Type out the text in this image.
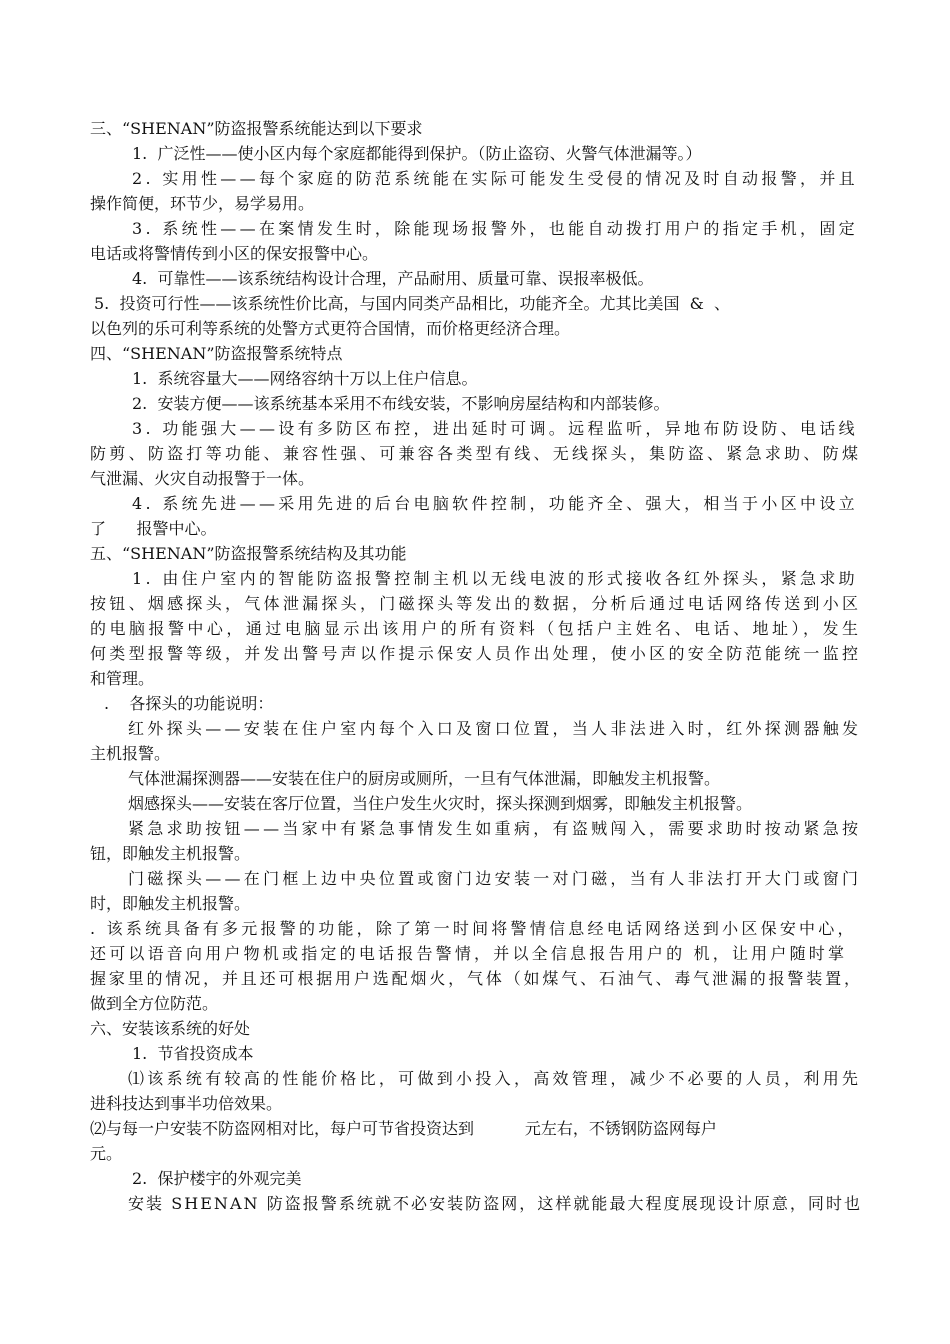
三、“SHENAN”防盗报警系统能达到以下要求
1.  广泛性——使小区内每个家庭都能得到保护。（防止盗窃、火警气体泄漏等。）
2. 实用性——每个家庭的防范系统能在实际可能发生受侵的情况及时自动报警，并且
操作简便，环节少，易学易用。
3. 系统性——在案情发生时，除能现场报警外，也能自动拨打用户的指定手机，固定
电话或将警情传到小区的保安报警中心。
4.  可靠性——该系统结构设计合理，产品耐用、质量可靠、误报率极低。
5.  投资可行性——该系统性价比高，与国内同类产品相比，功能齐全。尤其比美国  &  、
以色列的乐可利等系统的处警方式更符合国情，而价格更经济合理。
四、“SHENAN”防盗报警系统特点
1.  系统容量大——网络容纳十万以上住户信息。
2.  安装方便——该系统基本采用不布线安装，不影响房屋结构和内部装修。
3. 功能强大——设有多防区布控，进出延时可调。远程监听，异地布防设防、电话线
防剪、防盗打等功能、兼容性强、可兼容各类型有线、无线探头，集防盗、紧急求助、防煤
气泄漏、火灾自动报警于一体。
4. 系统先进——采用先进的后台电脑软件控制，功能齐全、强大，相当于小区中设立
了      报警中心。
五、“SHENAN”防盗报警系统结构及其功能
1. 由住户室内的智能防盗报警控制主机以无线电波的形式接收各红外探头，紧急求助
按钮、烟感探头，气体泄漏探头，门磁探头等发出的数据，分析后通过电话网络传送到小区
的电脑报警中心，通过电脑显示出该用户的所有资料（包括户主姓名、电话、地址），发生
何类型报警等级，并发出警号声以作提示保安人员作出处理，使小区的安全防范能统一监控
和管理。
.    各探头的功能说明：
红外探头——安装在住户室内每个入口及窗口位置，当人非法进入时，红外探测器触发
主机报警。
气体泄漏探测器——安装在住户的厨房或厕所，一旦有气体泄漏，即触发主机报警。
烟感探头——安装在客厅位置，当住户发生火灾时，探头探测到烟雾，即触发主机报警。
紧急求助按钮——当家中有紧急事情发生如重病，有盗贼闯入，需要求助时按动紧急按
钮，即触发主机报警。
门磁探头——在门框上边中央位置或窗门边安装一对门磁，当有人非法打开大门或窗门
时，即触发主机报警。
. 该系统具备有多元报警的功能，除了第一时间将警情信息经电话网络送到小区保安中心，
还可以语音向用户物机或指定的电话报告警情，并以全信息报告用户的 机，让用户随时掌
握家里的情况，并且还可根据用户选配烟火，气体（如煤气、石油气、毒气泄漏的报警装置，
做到全方位防范。
六、安装该系统的好处
1.  节省投资成本
⑴该系统有较高的性能价格比，可做到小投入，高效管理，减少不必要的人员，利用先
进科技达到事半功倍效果。
⑵与每一户安装不防盗网相对比，每户可节省投资达到          元左右，不锈钢防盗网每户
元。
2.  保护楼宇的外观完美
安装 SHENAN 防盗报警系统就不必安装防盗网，这样就能最大程度展现设计原意，同时也
